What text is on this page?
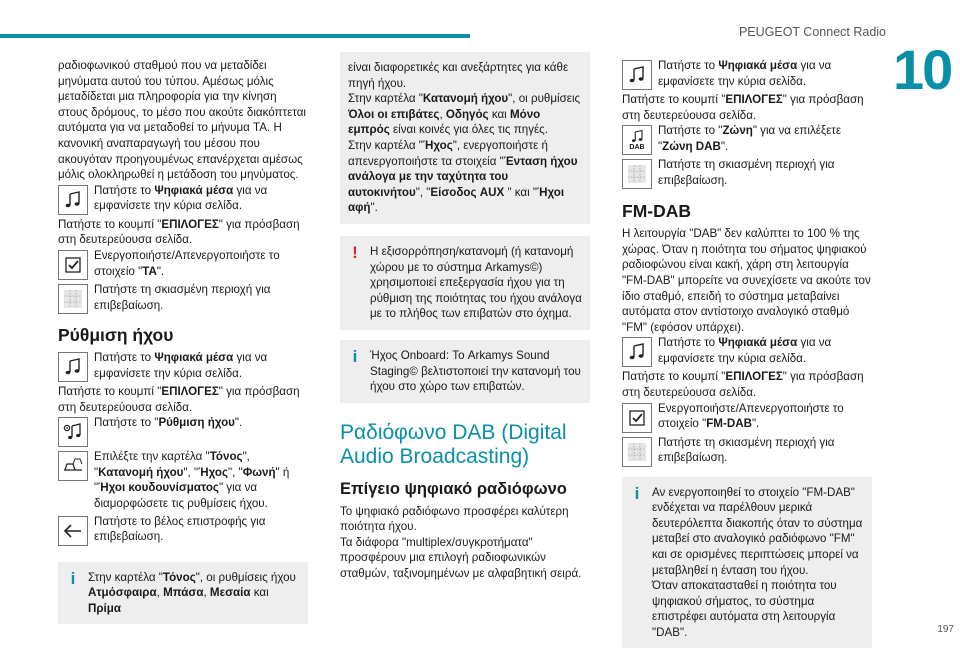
PEUGEOT Connect Radio
10
197

ραδιοφωνικού σταθμού που να μεταδίδει μηνύματα αυτού του τύπου. Αμέσως μόλις μεταδίδεται μια πληροφορία για την κίνηση στους δρόμους, το μέσο που ακούτε διακόπτεται αυτόματα για να μεταδοθεί το μήνυμα TA. Η κανονική αναπαραγωγή του μέσου που ακουγόταν προηγουμένως επανέρχεται αμέσως μόλις ολοκληρωθεί η μετάδοση του μηνύματος.

Πατήστε το Ψηφιακά μέσα για να εμφανίσετε την κύρια σελίδα.

Πατήστε το κουμπί "ΕΠΙΛΟΓΕΣ" για πρόσβαση στη δευτερεύουσα σελίδα.

Ενεργοποιήστε/Απενεργοποιήστε το στοιχείο "TA".
Πατήστε τη σκιασμένη περιοχή για επιβεβαίωση.
Ρύθμιση ήχου
Πατήστε το Ψηφιακά μέσα για να εμφανίσετε την κύρια σελίδα.

Πατήστε το κουμπί "ΕΠΙΛΟΓΕΣ" για πρόσβαση στη δευτερεύουσα σελίδα.

Πατήστε το "Ρύθμιση ήχου".

Επιλέξτε την καρτέλα "Τόνος", "Κατανομή ήχου", "Ήχος", "Φωνή" ή "Ήχοι κουδουνίσματος" για να διαμορφώσετε τις ρυθμίσεις ήχου.

Πατήστε το βέλος επιστροφής για επιβεβαίωση.
i	Στην καρτέλα "Τόνος", οι ρυθμίσεις ήχου Ατμόσφαιρα, Μπάσα, Μεσαία και Πρίμα

είναι διαφορετικές και ανεξάρτητες για κάθε πηγή ήχου.

Στην καρτέλα "Κατανομή ήχου", οι ρυθμίσεις Όλοι οι επιβάτες, Οδηγός και Μόνο εμπρός είναι κοινές για όλες τις πηγές.

Στην καρτέλα "Ήχος", ενεργοποιήστε ή απενεργοποιήστε τα στοιχεία "Ένταση ήχου ανάλογα με την ταχύτητα του αυτοκινήτου", "Είσοδος AUX " και "Ήχοι αφή".

! Η εξισορρόπηση/κατανομή (ή κατανομή χώρου με το σύστημα Arkamys©) χρησιμοποιεί επεξεργασία ήχου για τη ρύθμιση της ποιότητας του ήχου ανάλογα με το πλήθος των επιβατών στο όχημα.
i	Ήχος Onboard: Το Arkamys Sound Staging© βελτιστοποιεί την κατανομή του ήχου στο χώρο των επιβατών.
Ραδιόφωνο DAB (Digital Audio Broadcasting)
Επίγειο ψηφιακό ραδιόφωνο

Το ψηφιακό ραδιόφωνο προσφέρει καλύτερη ποιότητα ήχου.

Τα διάφορα "multiplex/συγκροτήματα" προσφέρουν μια επιλογή ραδιοφωνικών σταθμών, ταξινομημένων με αλφαβητική σειρά.

Πατήστε το Ψηφιακά μέσα για να εμφανίσετε την κύρια σελίδα.

Πατήστε το κουμπί "ΕΠΙΛΟΓΕΣ" για πρόσβαση στη δευτερεύουσα σελίδα.

DAB
Πατήστε το "Ζώνη" για να επιλέξετε "Ζώνη DAB".
Πατήστε τη σκιασμένη περιοχή για επιβεβαίωση.
FM-DAB

Η λειτουργία "DAB" δεν καλύπτει το 100 % της χώρας. Όταν η ποιότητα του σήματος ψηφιακού ραδιοφώνου είναι κακή, χάρη στη λειτουργία "FM-DAB" μπορείτε να συνεχίσετε να ακούτε τον ίδιο σταθμό, επειδή το σύστημα μεταβαίνει αυτόματα στον αντίστοιχο αναλογικό σταθμό "FM" (εφόσον υπάρχει).

Πατήστε το Ψηφιακά μέσα για να εμφανίσετε την κύρια σελίδα.

Πατήστε το κουμπί "ΕΠΙΛΟΓΕΣ" για πρόσβαση στη δευτερεύουσα σελίδα.

Ενεργοποιήστε/Απενεργοποιήστε το στοιχείο "FM-DAB".
Πατήστε τη σκιασμένη περιοχή για επιβεβαίωση.
i	Αν ενεργοποιηθεί το στοιχείο "FM-DAB" ενδέχεται να παρέλθουν μερικά δευτερόλεπτα διακοπής όταν το σύστημα μεταβεί στο αναλογικό ραδιόφωνο "FM" και σε ορισμένες περιπτώσεις μπορεί να μεταβληθεί η ένταση του ήχου.

Όταν αποκατασταθεί η ποιότητα του ψηφιακού σήματος, το σύστημα επιστρέφει αυτόματα στη λειτουργία "DAB".
